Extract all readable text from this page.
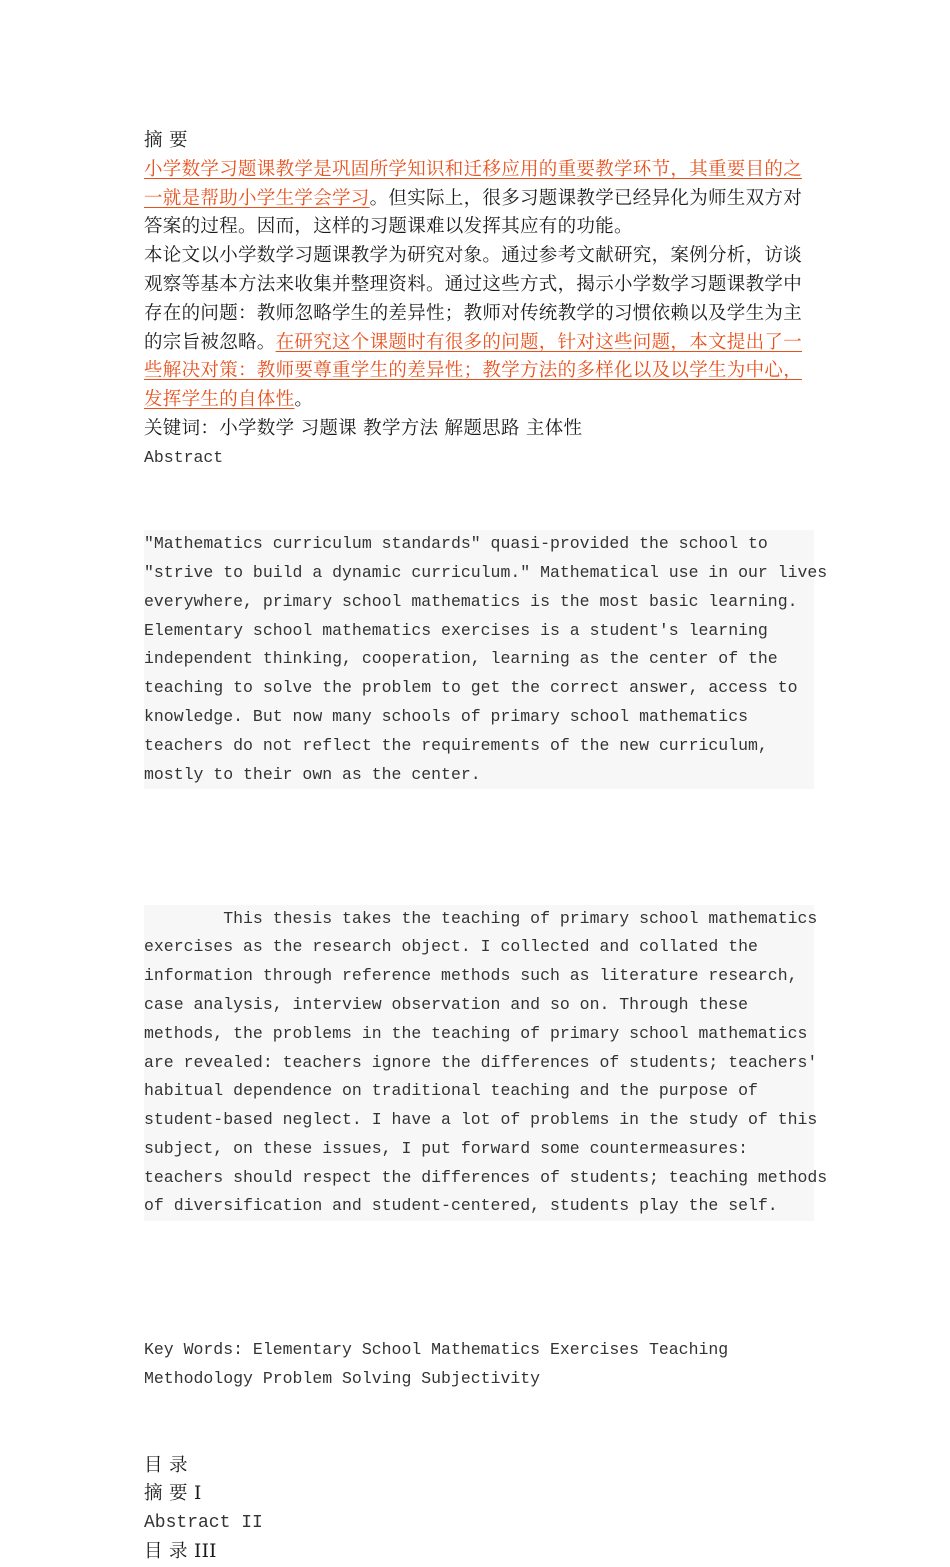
摘 要

小学数学习题课教学是巩固所学知识和迁移应用的重要教学环节，其重要目的之一就是帮助小学生学会学习。但实际上，很多习题课教学已经异化为师生双方对答案的过程。因而，这样的习题课难以发挥其应有的功能。

本论文以小学数学习题课教学为研究对象。通过参考文献研究，案例分析，访谈观察等基本方法来收集并整理资料。通过这些方式，揭示小学数学习题课教学中存在的问题：教师忽略学生的差异性；教师对传统教学的习惯依赖以及学生为主的宗旨被忽略。在研究这个课题时有很多的问题，针对这些问题，本文提出了一些解决对策：教师要尊重学生的差异性；教学方法的多样化以及以学生为中心，发挥学生的自体性。

关键词：小学数学 习题课 教学方法 解题思路 主体性

Abstract

"Mathematics curriculum standards" quasi-provided the school to
"strive to build a dynamic curriculum." Mathematical use in our lives
everywhere, primary school mathematics is the most basic learning.
Elementary school mathematics exercises is a student's learning
independent thinking, cooperation, learning as the center of the
teaching to solve the problem to get the correct answer, access to
knowledge. But now many schools of primary school mathematics
teachers do not reflect the requirements of the new curriculum,
mostly to their own as the center.

This thesis takes the teaching of primary school mathematics
exercises as the research object. I collected and collated the
information through reference methods such as literature research,
case analysis, interview observation and so on. Through these
methods, the problems in the teaching of primary school mathematics
are revealed: teachers ignore the differences of students; teachers'
habitual dependence on traditional teaching and the purpose of
student-based neglect. I have a lot of problems in the study of this
subject, on these issues, I put forward some countermeasures:
teachers should respect the differences of students; teaching methods
of diversification and student-centered, students play the self.

Key Words: Elementary School Mathematics Exercises Teaching
Methodology Problem Solving Subjectivity

目 录

摘 要 I

Abstract II

目 录 III
